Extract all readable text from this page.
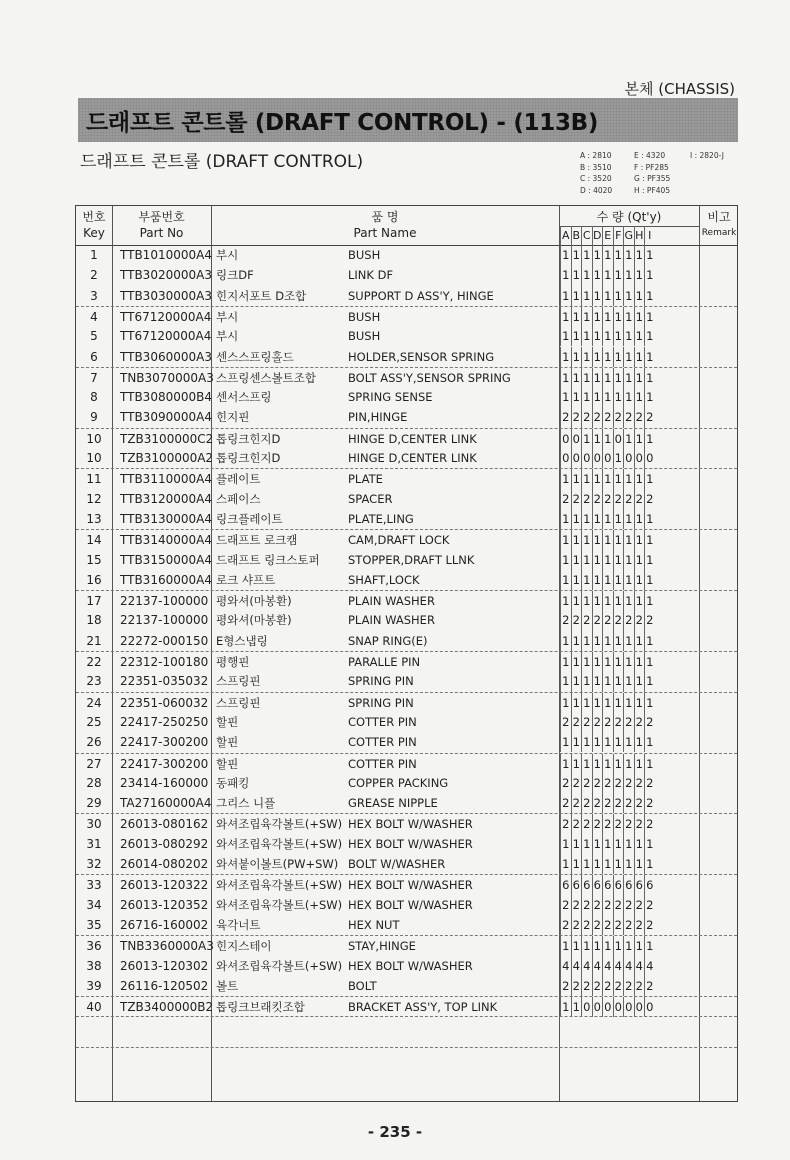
본체 (CHASSIS)
드래프트 콘트롤 (DRAFT CONTROL) - (113B)
드래프트 콘트롤 (DRAFT CONTROL)	A : 2810
B : 3510
C : 3520
D : 4020
E : 4320
F : PF285
G : PF355
H : PF405
I : 2820-J
번호
Key
부품번호
Part No
품 명
Part Name
수 량 (Qt'y)	비고
Remark
A B C D E F G H I
1	TTB1010000A4 부시	BUSH	1 1 1 1 1 1 1 1 1
2	TTB3020000A3 링크DF	LINK DF	1 1 1 1 1 1 1 1 1
3	TTB3030000A3 힌지서포트 D조합	SUPPORT D ASS'Y, HINGE	1 1 1 1 1 1 1 1 1
4	TT67120000A4 부시	BUSH	1 1 1 1 1 1 1 1 1
5	TT67120000A4 부시	BUSH	1 1 1 1 1 1 1 1 1
6	TTB3060000A3 센스스프링홀드	HOLDER,SENSOR SPRING	1 1 1 1 1 1 1 1 1
7	TNB3070000A3 스프링센스볼트조합	BOLT ASS'Y,SENSOR SPRING	1 1 1 1 1 1 1 1 1
8	TTB3080000B4 센서스프링	SPRING SENSE	1 1 1 1 1 1 1 1 1
9	TTB3090000A4 힌지핀	PIN,HINGE	2 2 2 2 2 2 2 2 2
10	TZB3100000C2 톱링크힌지D	HINGE D,CENTER LINK	0 0 1 1 1 0 1 1 1
10	TZB3100000A2 톱링크힌지D	HINGE D,CENTER LINK	0 0 0 0 0 1 0 0 0
11	TTB3110000A4 플레이트	PLATE	1 1 1 1 1 1 1 1 1
12	TTB3120000A4 스페이스	SPACER	2 2 2 2 2 2 2 2 2
13	TTB3130000A4 링크플레이트	PLATE,LING	1 1 1 1 1 1 1 1 1
14	TTB3140000A4 드래프트 로크캠	CAM,DRAFT LOCK	1 1 1 1 1 1 1 1 1
15	TTB3150000A4 드래프트 링크스토퍼 STOPPER,DRAFT LLNK	1 1 1 1 1 1 1 1 1
16	TTB3160000A4 로크 샤프트	SHAFT,LOCK	1 1 1 1 1 1 1 1 1
17	22137-100000 평와셔(마봉환)	PLAIN WASHER	1 1 1 1 1 1 1 1 1
18	22137-100000 평와셔(마봉환)	PLAIN WASHER	2 2 2 2 2 2 2 2 2
21	22272-000150 E형스냅링	SNAP RING(E)	1 1 1 1 1 1 1 1 1
22	22312-100180 평행핀	PARALLE PIN	1 1 1 1 1 1 1 1 1
23	22351-035032 스프링핀	SPRING PIN	1 1 1 1 1 1 1 1 1
24	22351-060032 스프링핀	SPRING PIN	1 1 1 1 1 1 1 1 1
25	22417-250250 할핀	COTTER PIN	2 2 2 2 2 2 2 2 2
26	22417-300200 할핀	COTTER PIN	1 1 1 1 1 1 1 1 1
27	22417-300200 할핀	COTTER PIN	1 1 1 1 1 1 1 1 1
28	23414-160000 동패킹	COPPER PACKING	2 2 2 2 2 2 2 2 2
29	TA27160000A4 그리스 니플	GREASE NIPPLE	2 2 2 2 2 2 2 2 2
30	26013-080162 와셔조립육각볼트(+SW) HEX BOLT W/WASHER	2 2 2 2 2 2 2 2 2
31	26013-080292 와셔조립육각볼트(+SW) HEX BOLT W/WASHER	1 1 1 1 1 1 1 1 1
32	26014-080202 와셔붙이볼트(PW+SW) BOLT W/WASHER	1 1 1 1 1 1 1 1 1
33	26013-120322 와셔조립육각볼트(+SW) HEX BOLT W/WASHER	6 6 6 6 6 6 6 6 6
34	26013-120352 와셔조립육각볼트(+SW) HEX BOLT W/WASHER	2 2 2 2 2 2 2 2 2
35	26716-160002 육각너트	HEX NUT	2 2 2 2 2 2 2 2 2
36	TNB3360000A3 힌지스테이	STAY,HINGE	1 1 1 1 1 1 1 1 1
38	26013-120302 와셔조립육각볼트(+SW) HEX BOLT W/WASHER	4 4 4 4 4 4 4 4 4
39	26116-120502 볼트	BOLT	2 2 2 2 2 2 2 2 2
40	TZB3400000B2 톱링크브래킷조합	BRACKET ASS'Y, TOP LINK	1 1 0 0 0 0 0 0 0
- 235 -
